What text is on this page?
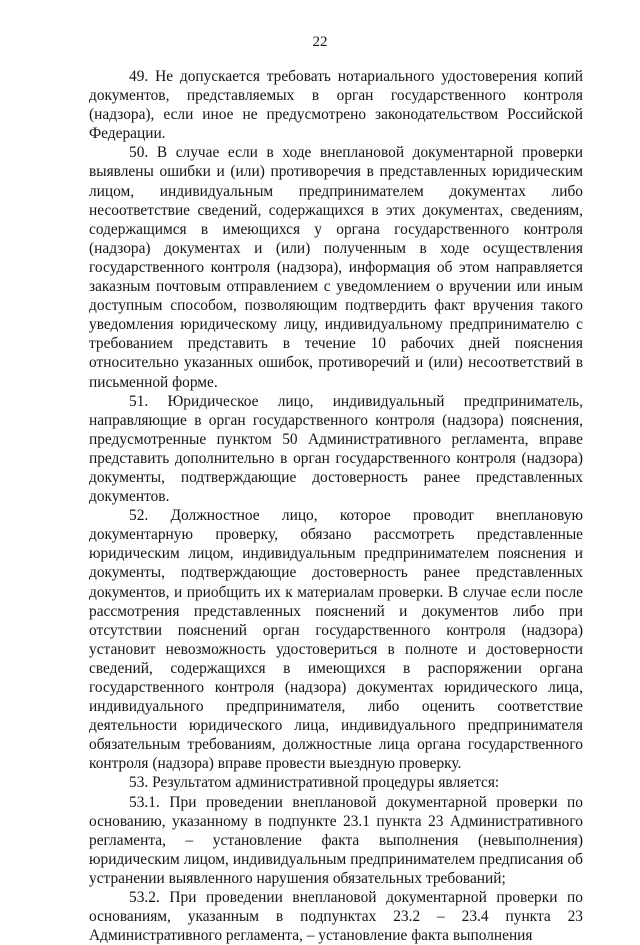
22

49. Не допускается требовать нотариального удостоверения копий документов, представляемых в орган государственного контроля (надзора), если иное не предусмотрено законодательством Российской Федерации.

50. В случае если в ходе внеплановой документарной проверки выявлены ошибки и (или) противоречия в представленных юридическим лицом, индивидуальным предпринимателем документах либо несоответствие сведений, содержащихся в этих документах, сведениям, содержащимся в имеющихся у органа государственного контроля (надзора) документах и (или) полученным в ходе осуществления государственного контроля (надзора), информация об этом направляется заказным почтовым отправлением с уведомлением о вручении или иным доступным способом, позволяющим подтвердить факт вручения такого уведомления юридическому лицу, индивидуальному предпринимателю с требованием представить в течение 10 рабочих дней пояснения относительно указанных ошибок, противоречий и (или) несоответствий в письменной форме.

51. Юридическое лицо, индивидуальный предприниматель, направляющие в орган государственного контроля (надзора) пояснения, предусмотренные пунктом 50 Административного регламента, вправе представить дополнительно в орган государственного контроля (надзора) документы, подтверждающие достоверность ранее представленных документов.

52. Должностное лицо, которое проводит внеплановую документарную проверку, обязано рассмотреть представленные юридическим лицом, индивидуальным предпринимателем пояснения и документы, подтверждающие достоверность ранее представленных документов, и приобщить их к материалам проверки. В случае если после рассмотрения представленных пояснений и документов либо при отсутствии пояснений орган государственного контроля (надзора) установит невозможность удостовериться в полноте и достоверности сведений, содержащихся в имеющихся в распоряжении органа государственного контроля (надзора) документах юридического лица, индивидуального предпринимателя, либо оценить соответствие деятельности юридического лица, индивидуального предпринимателя обязательным требованиям, должностные лица органа государственного контроля (надзора) вправе провести выездную проверку.

53. Результатом административной процедуры является:

53.1. При проведении внеплановой документарной проверки по основанию, указанному в подпункте 23.1 пункта 23 Административного регламента, – установление факта выполнения (невыполнения) юридическим лицом, индивидуальным предпринимателем предписания об устранении выявленного нарушения обязательных требований;

53.2. При проведении внеплановой документарной проверки по основаниям, указанным в подпунктах 23.2 – 23.4 пункта 23 Административного регламента, – установление факта выполнения
